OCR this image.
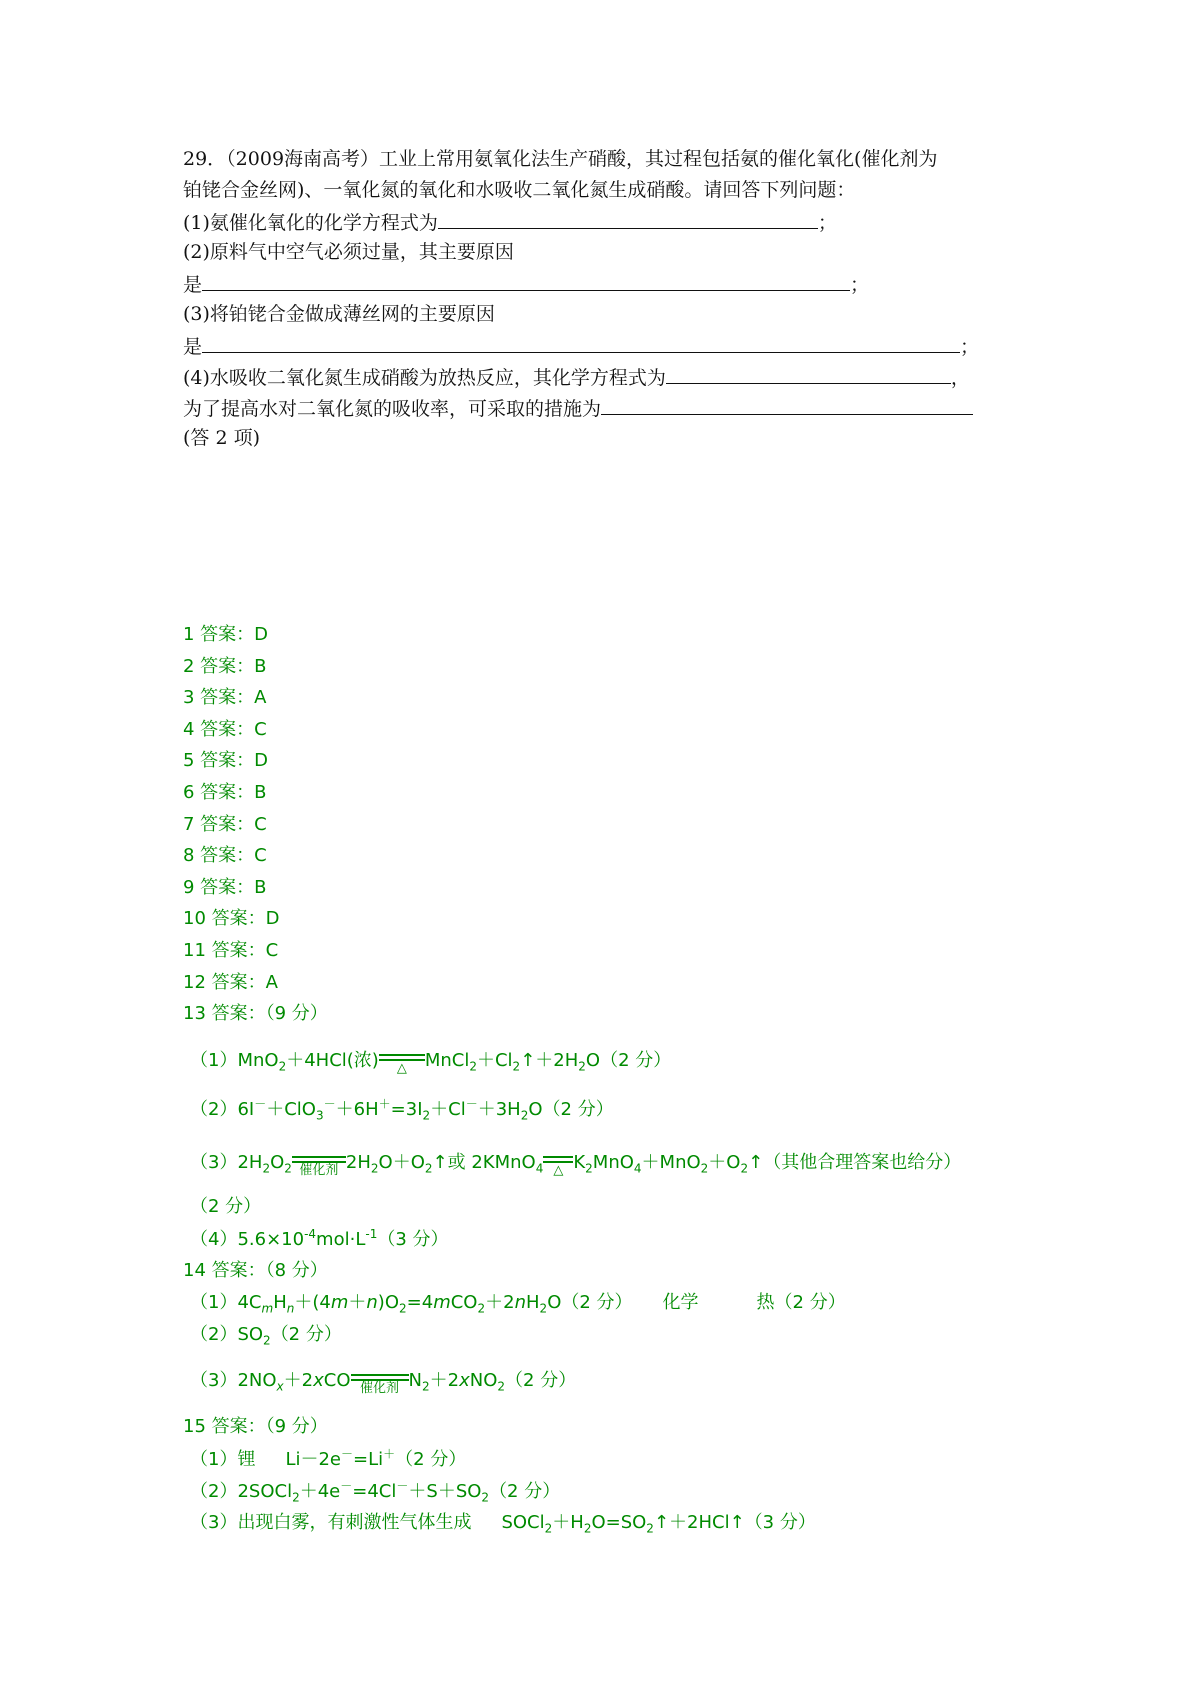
29．（2009海南高考）工业上常用氨氧化法生产硝酸，其过程包括氨的催化氧化(催化剂为
铂铑合金丝网)、一氧化氮的氧化和水吸收二氧化氮生成硝酸。请回答下列问题：
(1)氨催化氧化的化学方程式为	；
(2)原料气中空气必须过量，其主要原因
是	；
(3)将铂铑合金做成薄丝网的主要原因
是	；
(4)水吸收二氧化氮生成硝酸为放热反应，其化学方程式为	，
为了提高水对二氧化氮的吸收率，可采取的措施为
(答 2 项)
1 答案：D
2 答案：B
3 答案：A
4 答案：C
5 答案：D
6 答案：B
7 答案：C
8 答案：C
9 答案：B
10 答案：D
11 答案：C
12 答案：A
13 答案：（9 分）
（1）MnO$_2$＋4HCl(浓)	△	$MnCl_2+Cl_2↑+2H_2O(2$ 分）
$(2)6I^-+ClO_3^-+6H^+=3I_2+Cl^-+3H_2O(2$ 分）
$(3)2H_2O_2$ 催化剂 $2H_2O+O_2↑$或 2KMnO$_4$ △ $K_2MnO_4+MnO_2+O_2↑$（其他合理答案也给分）
（2 分）
$(4)5.6\times 10^{-4}mol\cdot L^{-1}(3$ 分）
14 答案：（8 分）
$(1)4C_mH_n+(4m+n)O_2=4mCO_2+2nH_2O(2$ 分） 化学	热（2 分）
$(2)SO_2(2$ 分）
$(3)2NO_x+2xCO$ 催化剂 $N_2+2xNO_2(2$ 分）
15 答案：（9 分）
（1）锂 Li－2e－=Li＋（2 分）
$(2)2SOCl_2+4e^-=4Cl^-+S+SO_2(2$ 分）
（3）出现白雾，有刺激性气体生成 $SOCl_2+H_2O=SO_2↑+2HCl↑(3$ 分）
